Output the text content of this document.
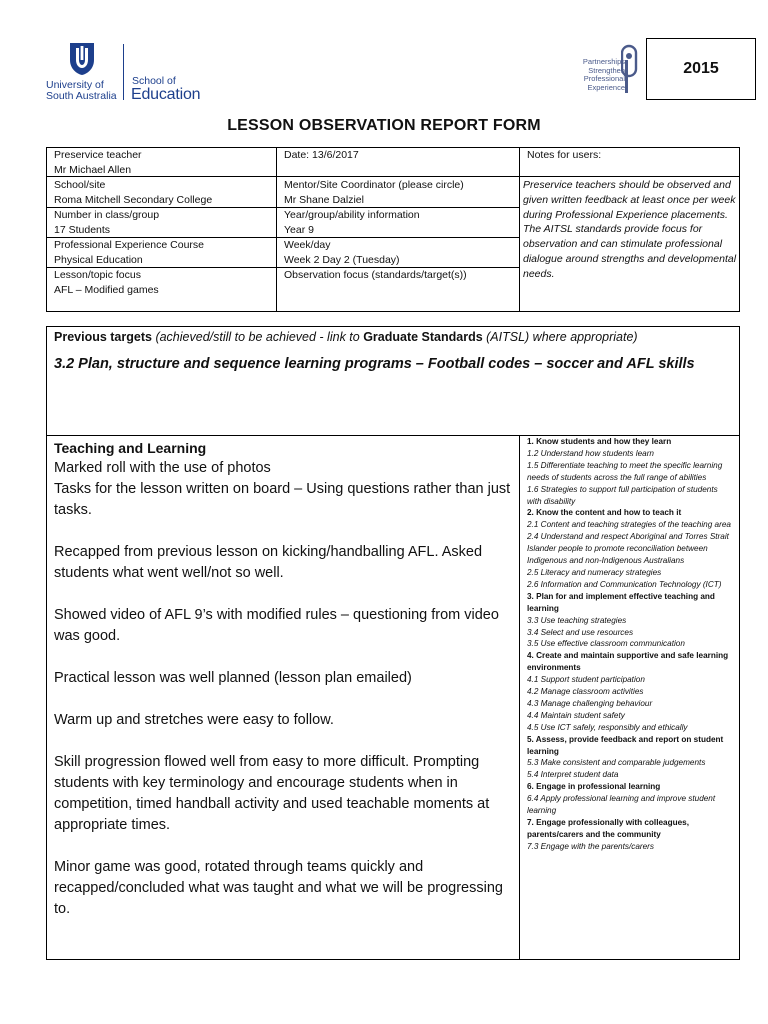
University of
South Australia
School of
Education
Partnerships
Strengthen
Professional
Experience
2015
LESSON OBSERVATION REPORT FORM
Preservice teacher
Mr Michael Allen
Date: 13/6/2017
School/site
Roma Mitchell Secondary College
Mentor/Site Coordinator (please circle)
Mr Shane Dalziel
Number in class/group
17 Students
Year/group/ability information
Year 9
Professional Experience Course
Physical Education
Week/day
Week 2 Day 2 (Tuesday)
Lesson/topic focus
AFL – Modified games
Observation focus (standards/target(s))
Notes for users:
Preservice teachers should be observed and given written feedback at least once per week during Professional Experience placements. The AITSL standards provide focus for observation and can stimulate professional dialogue around strengths and developmental needs.
Previous targets (achieved/still to be achieved - link to Graduate Standards (AITSL) where appropriate)
3.2 Plan, structure and sequence learning programs – Football codes – soccer and AFL skills
Teaching and Learning

Marked roll with the use of photos
Tasks for the lesson written on board – Using questions rather than just tasks.

Recapped from previous lesson on kicking/handballing AFL. Asked students what went well/not so well.

Showed video of AFL 9’s with modified rules – questioning from video was good.

Practical lesson was well planned (lesson plan emailed)

Warm up and stretches were easy to follow.

Skill progression flowed well from easy to more difficult. Prompting students with key terminology and encourage students when in competition, timed handball activity and used teachable moments at appropriate times.

Minor game was good, rotated through teams quickly and recapped/concluded what was taught and what we will be progressing to.

1. Know students and how they learn
1.2 Understand how students learn
1.5 Differentiate teaching to meet the specific learning needs of students across the full range of abilities
1.6 Strategies to support full participation of students with disability
2. Know the content and how to teach it
2.1 Content and teaching strategies of the teaching area
2.4 Understand and respect Aboriginal and Torres Strait Islander people to promote reconciliation between Indigenous and non-Indigenous Australians
2.5 Literacy and numeracy strategies
2.6 Information and Communication Technology (ICT)
3. Plan for and implement effective teaching and learning
3.3 Use teaching strategies
3.4 Select and use resources
3.5 Use effective classroom communication
4. Create and maintain supportive and safe learning environments
4.1 Support student participation
4.2 Manage classroom activities
4.3 Manage challenging behaviour
4.4 Maintain student safety
4.5 Use ICT safely, responsibly and ethically
5. Assess, provide feedback and report on student learning
5.3 Make consistent and comparable judgements
5.4 Interpret student data
6. Engage in professional learning
6.4 Apply professional learning and improve student learning
7. Engage professionally with colleagues, parents/carers and the community
7.3 Engage with the parents/carers
